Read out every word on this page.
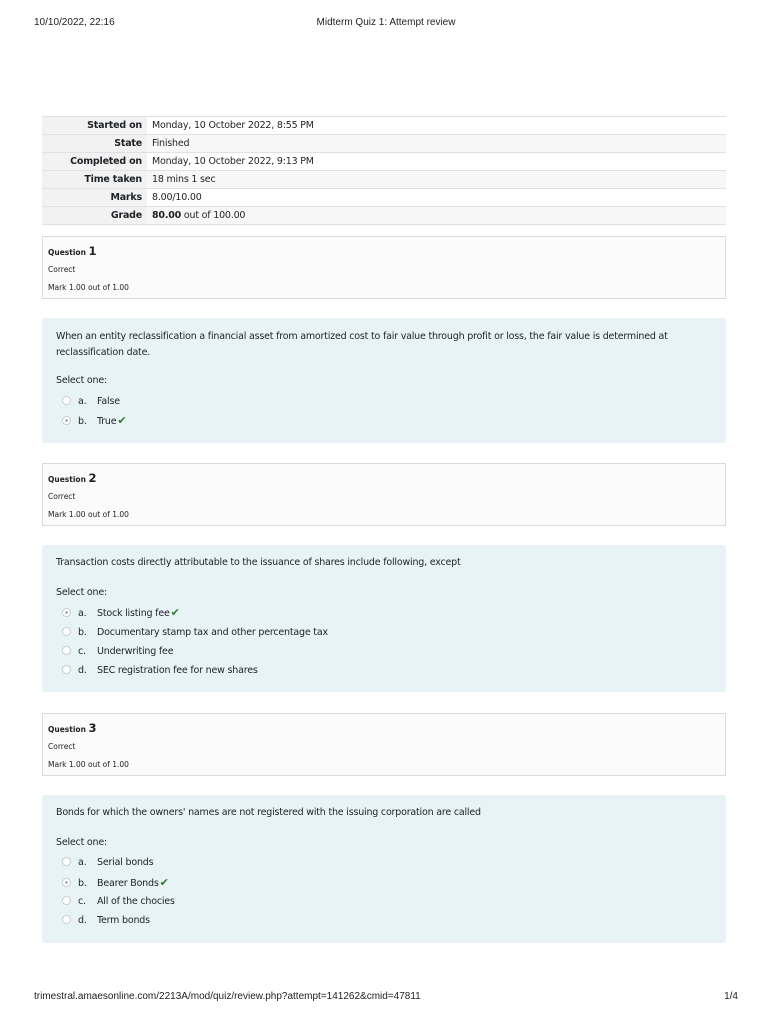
10/10/2022, 22:16	Midterm Quiz 1: Attempt review
Started on	Monday, 10 October 2022, 8:55 PM
State	Finished
Completed on	Monday, 10 October 2022, 9:13 PM
Time taken	18 mins 1 sec
Marks	8.00/10.00
Grade	80.00 out of 100.00
Question 1
Correct
Mark 1.00 out of 1.00
When an entity reclassification a financial asset from amortized cost to fair value through profit or loss, the fair value is determined at reclassification date.
Select one:
a. False
b. True✔
Question 2
Correct
Mark 1.00 out of 1.00
Transaction costs directly attributable to the issuance of shares include following, except
Select one:
a. Stock listing fee✔
b. Documentary stamp tax and other percentage tax
c. Underwriting fee
d. SEC registration fee for new shares
Question 3
Correct
Mark 1.00 out of 1.00
Bonds for which the owners' names are not registered with the issuing corporation are called
Select one:
a. Serial bonds
b. Bearer Bonds✔
c. All of the chocies
d. Term bonds
trimestral.amaesonline.com/2213A/mod/quiz/review.php?attempt=141262&cmid=47811	1/4
